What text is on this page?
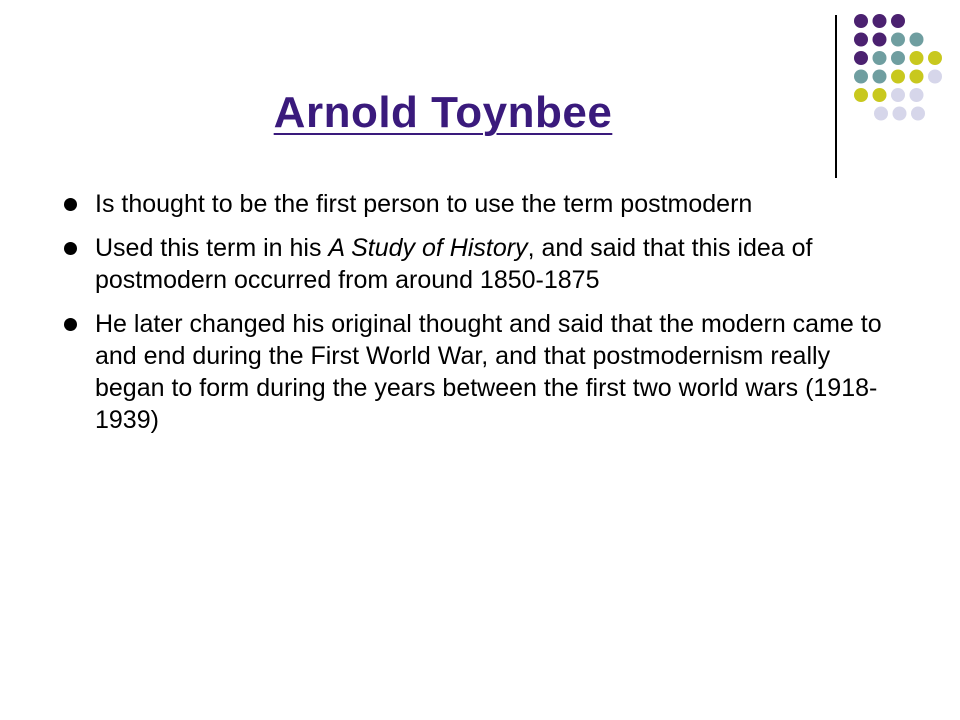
Arnold Toynbee
Is thought to be the first person to use the term postmodern
Used this term in his A Study of History, and said that this idea of postmodern occurred from around 1850-1875
He later changed his original thought and said that the modern came to and end during the First World War, and that postmodernism really began to form during the years between the first two world wars (1918-1939)
